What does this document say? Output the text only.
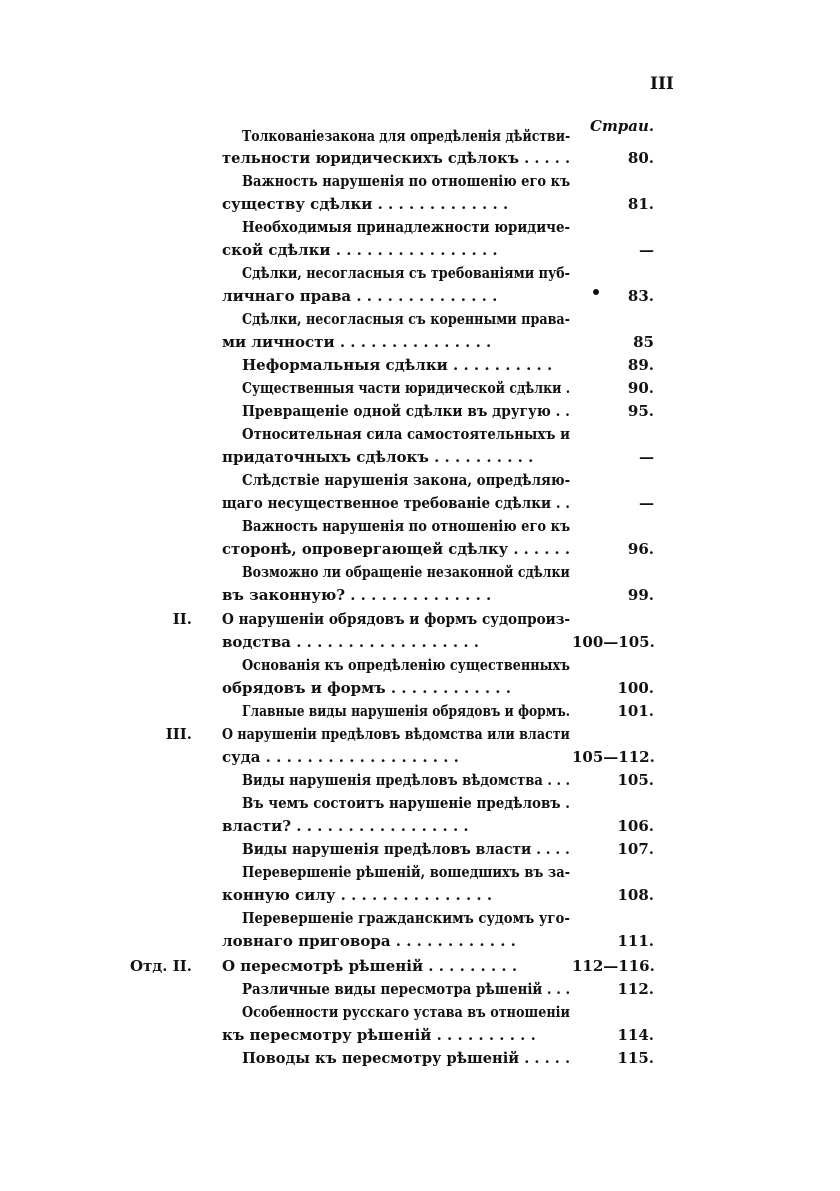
III
Страи.
Толкованіезакона для опредѣленія дѣйстви-
тельности юридическихъ сдѣлокъ . . . . .	80.
Важность нарушенія по отношенію его къ
существу сдѣлки . . . . . . . . . . . . .	81.
Необходимыя принадлежности юридиче-
ской сдѣлки . . . . . . . . . . . . . . . .	—
Сдѣлки, несогласныя съ требованіями пуб-
личнаго права . . . . . . . . . . . . . .	83.
Сдѣлки, несогласныя съ коренными права-
ми личности . . . . . . . . . . . . . . .	85
Неформальныя сдѣлки . . . . . . . . . .	89.
Существенныя части юридической сдѣлки .	90.
Превращеніе одной сдѣлки въ другую . .	95.
Относительная сила самостоятельныхъ и
придаточныхъ сдѣлокъ . . . . . . . . . .	—
Слѣдствіе нарушенія закона, опредѣляю-
щаго несущественное требованіе сдѣлки . .	—
Важность нарушенія по отношенію его къ
сторонѣ, опровергающей сдѣлку . . . . . .	96.
Возможно ли обращеніе незаконной сдѣлки
въ законную? . . . . . . . . . . . . . .	99.
II. О нарушеніи обрядовъ и формъ судопроиз-
водства . . . . . . . . . . . . . . . . . .	100—105.
Основанія къ опредѣленію существенныхъ
обрядовъ и формъ . . . . . . . . . . . .	100.
Главные виды нарушенія обрядовъ и формъ.	101.
III. О нарушеніи предѣловъ вѣдомства или власти
суда . . . . . . . . . . . . . . . . . . .	105—112.
Виды нарушенія предѣловъ вѣдомства . . .	105.
Въ чемъ состоитъ нарушеніе предѣловъ .
власти? . . . . . . . . . . . . . . . . .	106.
Виды нарушенія предѣловъ власти . . . .	107.
Перевершеніе рѣшеній, вошедшихъ въ за-
конную силу . . . . . . . . . . . . . . .	108.
Перевершеніе гражданскимъ судомъ уго-
ловнаго приговора . . . . . . . . . . . .	111.
Отд. II. О пересмотрѣ рѣшеній . . . . . . . . .	112—116.
Различные виды пересмотра рѣшеній . . .	112.
Особенности русскаго устава въ отношеніи
къ пересмотру рѣшеній . . . . . . . . . .	114.
Поводы къ пересмотру рѣшеній . . . . .	115.
